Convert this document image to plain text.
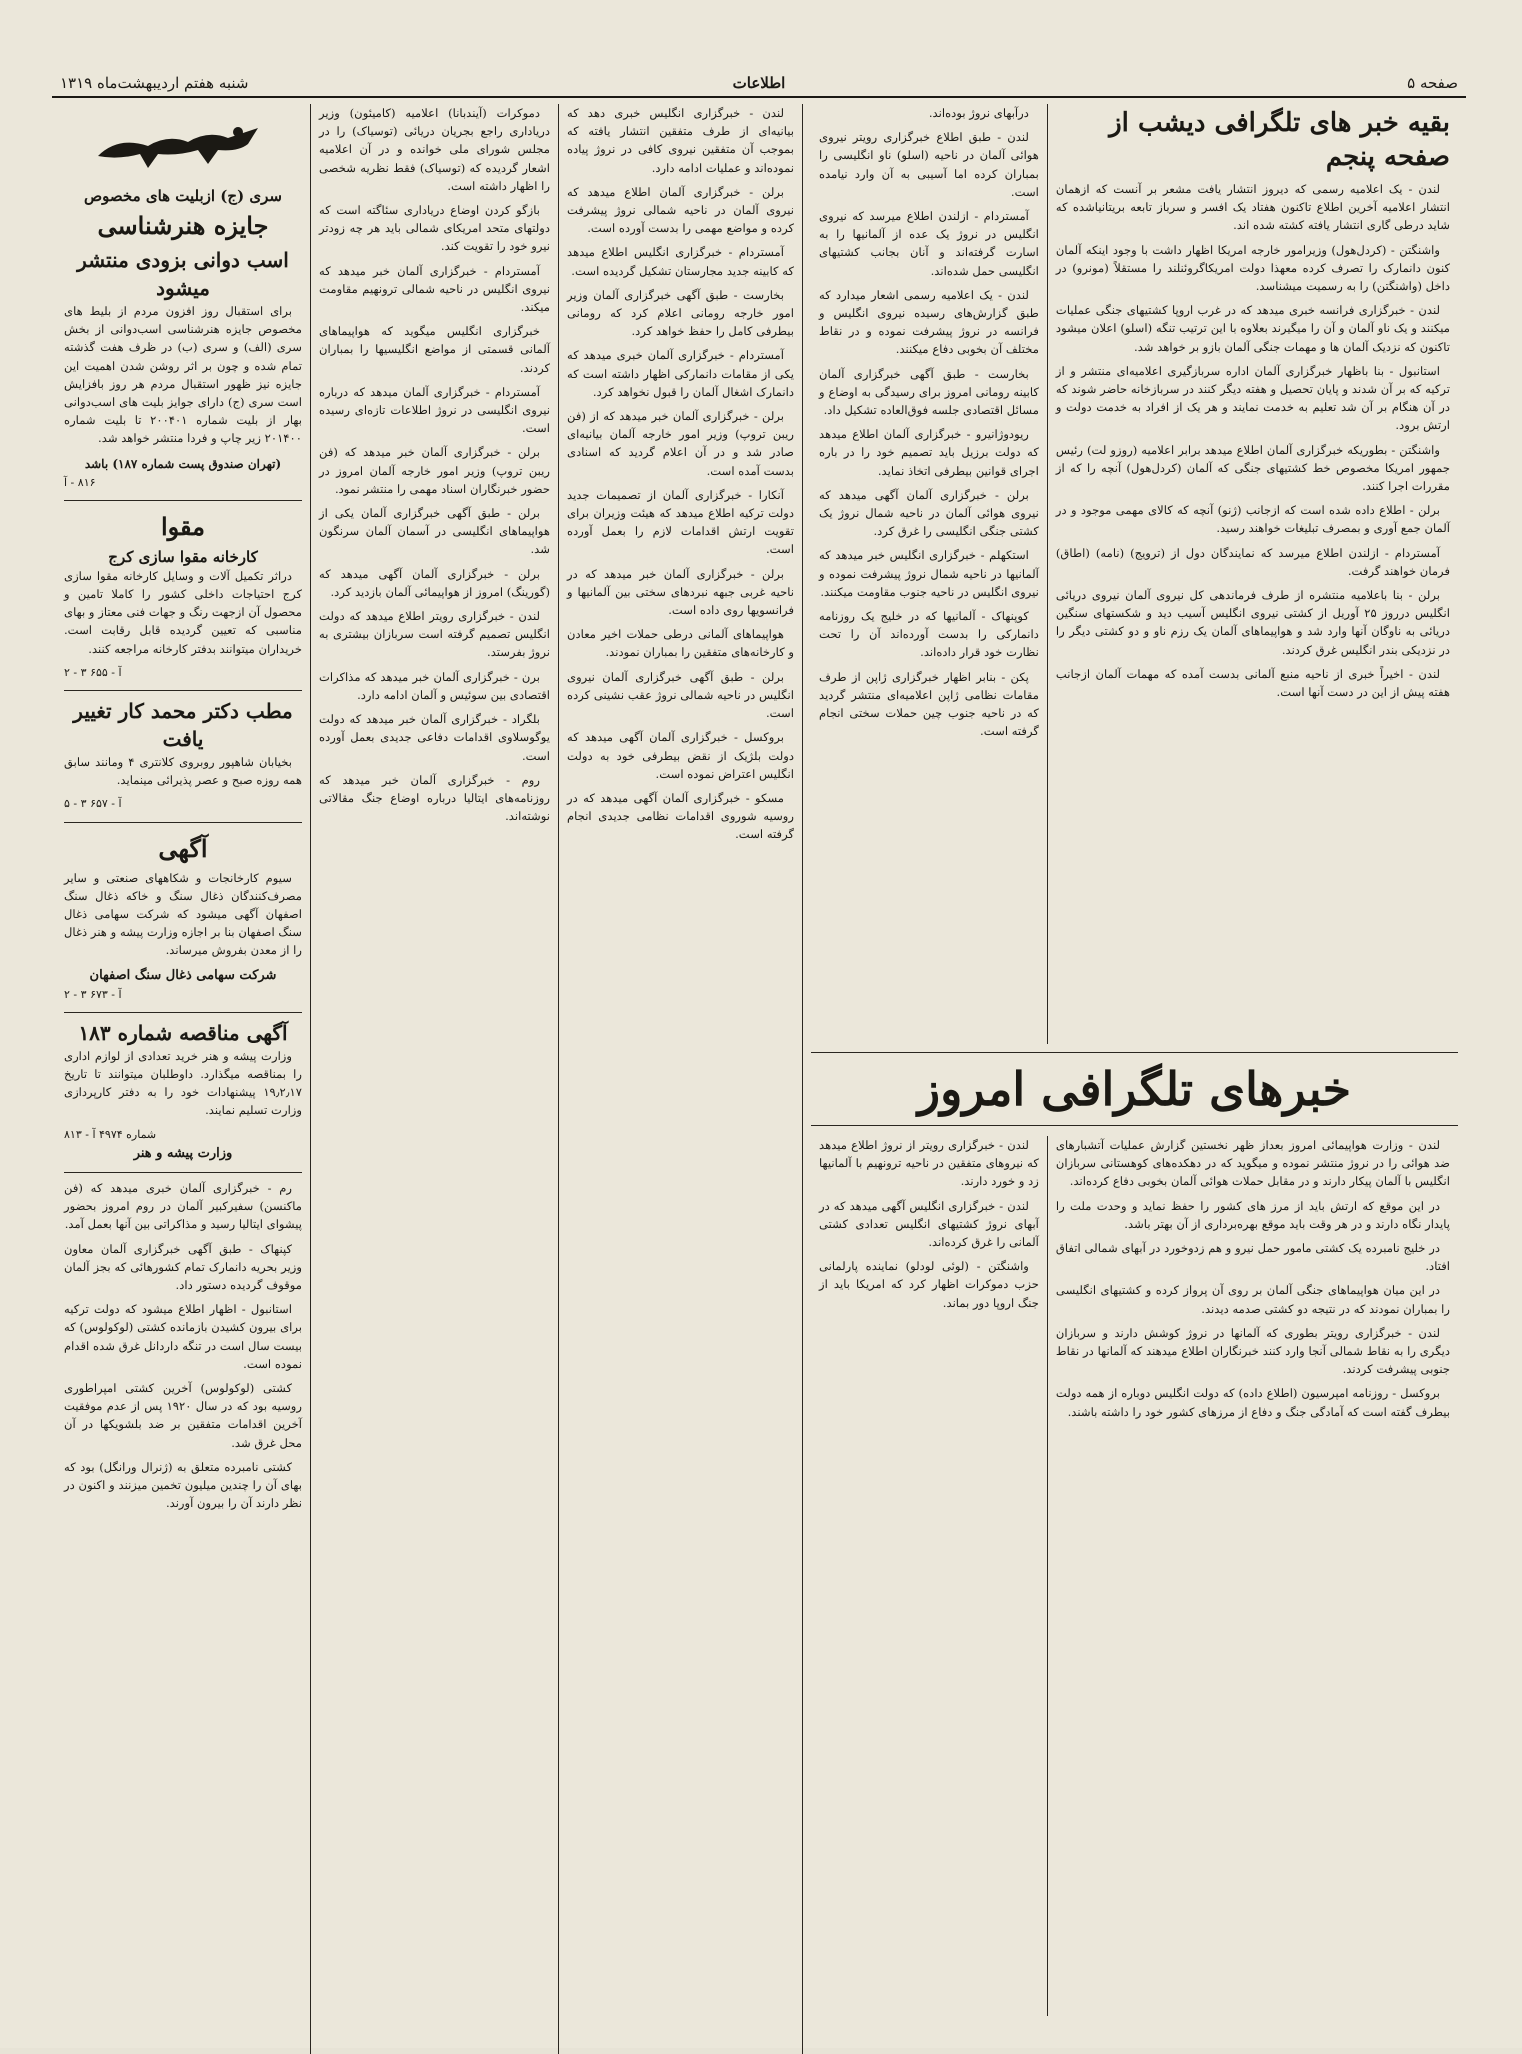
صفحه ۵
اطلاعات
شنبه هفتم اردیبهشت‌ماه ۱۳۱۹
بقیه خبر های تلگرافی دیشب از صفحه پنجم

لندن - یک اعلامیه رسمی که دیروز انتشار یافت مشعر بر آنست که ازهمان انتشار اعلامیه آخرین اطلاع تاکنون هفتاد یک افسر و سرباز تابعه بریتانیاشده که شاید درطی گاری انتشار یافته کشته شده اند.

واشنگتن - (کردل‌هول) وزیرامور خارجه امریکا اظهار داشت با وجود اینکه آلمان کنون دانمارک را تصرف کرده معهذا دولت امریکاگروئنلند را مستقلاً (مونرو) در داخل (واشنگتن) را به رسمیت میشناسد.

لندن - خبرگزاری فرانسه خبری میدهد که در غرب اروپا کشتیهای جنگی عملیات میکنند و یک ناو آلمان و آن را میگیرند بعلاوه با این ترتیب تنگه (اسلو) اعلان میشود تاکنون که نزدیک آلمان ها و مهمات جنگی آلمان بازو بر خواهد شد.

استانبول - بنا باظهار خبرگزاری آلمان اداره سربازگیری اعلامیه‌ای منتشر و از ترکیه که بر آن شدند و پایان تحصیل و هفته دیگر کنند در سربازخانه حاضر شوند که در آن هنگام بر آن شد تعلیم به خدمت نمایند و هر یک از افراد به خدمت دولت و ارتش برود.

واشنگتن - بطوریکه خبرگزاری آلمان اطلاع میدهد برابر اعلامیه (روزو لت) رئیس جمهور امریکا مخصوص خط کشتیهای جنگی که آلمان (کردل‌هول) آنچه را که از مقررات اجرا کنند.

برلن - اطلاع داده شده است که ازجانب (ژنو) آنچه که کالای مهمی موجود و در آلمان جمع آوری و بمصرف تبلیغات خواهند رسید.

آمستردام - ازلندن اطلاع میرسد که نمایندگان دول از (ترویج) (نامه) (اطاق) فرمان خواهند گرفت.

برلن - بنا باعلامیه منتشره از طرف فرماندهی کل نیروی آلمان نیروی دریائی انگلیس درروز ۲۵ آوریل از کشتی نیروی انگلیس آسیب دید و شکستهای سنگین دریائی به ناوگان آنها وارد شد و هواپیماهای آلمان یک رزم ناو و دو کشتی دیگر را در نزدیکی بندر انگلیس غرق کردند.

لندن - اخیراً خبری از ناحیه منبع آلمانی بدست آمده که مهمات آلمان ازجانب هفته پیش از این در دست آنها است.

درآبهای نروژ بوده‌اند.

لندن - طبق اطلاع خبرگزاری رویتر نیروی هوائی آلمان در ناحیه (اسلو) ناو انگلیسی را بمباران کرده اما آسیبی به آن وارد نیامده است.

آمستردام - ازلندن اطلاع میرسد که نیروی انگلیس در نروژ یک عده از آلمانیها را به اسارت گرفته‌اند و آنان بجانب کشتیهای انگلیسی حمل شده‌اند.

لندن - یک اعلامیه رسمی اشعار میدارد که طبق گزارش‌های رسیده نیروی انگلیس و فرانسه در نروژ پیشرفت نموده و در نقاط مختلف آن بخوبی دفاع میکنند.

بخارست - طبق آگهی خبرگزاری آلمان کابینه رومانی امروز برای رسیدگی به اوضاع و مسائل اقتصادی جلسه فوق‌العاده تشکیل داد.

ریودوژانیرو - خبرگزاری آلمان اطلاع میدهد که دولت برزیل باید تصمیم خود را در باره اجرای قوانین بیطرفی اتخاذ نماید.

برلن - خبرگزاری آلمان آگهی میدهد که نیروی هوائی آلمان در ناحیه شمال نروژ یک کشتی جنگی انگلیسی را غرق کرد.

استکهلم - خبرگزاری انگلیس خبر میدهد که آلمانیها در ناحیه شمال نروژ پیشرفت نموده و نیروی انگلیس در ناحیه جنوب مقاومت میکنند.

کوپنهاک - آلمانیها که در خلیج یک روزنامه دانمارکی را بدست آورده‌اند آن را تحت نظارت خود قرار داده‌اند.

پکن - بنابر اظهار خبرگزاری ژاپن از طرف مقامات نظامی ژاپن اعلامیه‌ای منتشر گردید که در ناحیه جنوب چین حملات سختی انجام گرفته است.

خبرهای تلگرافی امروز

لندن - وزارت هواپیمائی امروز بعداز ظهر نخستین گزارش عملیات آتشبارهای ضد هوائی را در نروژ منتشر نموده و میگوید که در دهکده‌های کوهستانی سربازان انگلیس با آلمان پیکار دارند و در مقابل حملات هوائی آلمان بخوبی دفاع کرده‌اند.

در این موقع که ارتش باید از مرز های کشور را حفظ نماید و وحدت ملت را پایدار نگاه دارند و در هر وقت باید موقع بهره‌برداری از آن بهتر باشد.

در خلیج نامبرده یک کشتی مامور حمل نیرو و هم زدوخورد در آبهای شمالی اتفاق افتاد.

در این میان هواپیماهای جنگی آلمان بر روی آن پرواز کرده و کشتیهای انگلیسی را بمباران نمودند که در نتیجه دو کشتی صدمه دیدند.

لندن - خبرگزاری رویتر بطوری که آلمانها در نروژ کوشش دارند و سربازان دیگری را به نقاط شمالی آنجا وارد کنند خبرنگاران اطلاع میدهند که آلمانها در نقاط جنوبی پیشرفت کردند.

بروکسل - روزنامه امپرسیون (اطلاع داده) که دولت انگلیس دوباره از همه دولت بیطرف گفته است که آمادگی جنگ و دفاع از مرزهای کشور خود را داشته باشند.

لندن - خبرگزاری رویتر از نروژ اطلاع میدهد که نیروهای متفقین در ناحیه ترونهیم با آلمانیها زد و خورد دارند.

لندن - خبرگزاری انگلیس آگهی میدهد که در آبهای نروژ کشتیهای انگلیس تعدادی کشتی آلمانی را غرق کرده‌اند.

واشنگتن - (لوئی لودلو) نماینده پارلمانی حزب دموکرات اظهار کرد که امریکا باید از جنگ اروپا دور بماند.

لندن - خبرگزاری انگلیس خبری دهد که بیانیه‌ای از طرف متفقین انتشار یافته که بموجب آن متفقین نیروی کافی در نروژ پیاده نموده‌اند و عملیات ادامه دارد.

برلن - خبرگزاری آلمان اطلاع میدهد که نیروی آلمان در ناحیه شمالی نروژ پیشرفت کرده و مواضع مهمی را بدست آورده است.

آمستردام - خبرگزاری انگلیس اطلاع میدهد که کابینه جدید مجارستان تشکیل گردیده است.

بخارست - طبق آگهی خبرگزاری آلمان وزیر امور خارجه رومانی اعلام کرد که رومانی بیطرفی کامل را حفظ خواهد کرد.

آمستردام - خبرگزاری آلمان خبری میدهد که یکی از مقامات دانمارکی اظهار داشته است که دانمارک اشغال آلمان را قبول نخواهد کرد.

برلن - خبرگزاری آلمان خبر میدهد که از (فن ریبن تروپ) وزیر امور خارجه آلمان بیانیه‌ای صادر شد و در آن اعلام گردید که اسنادی بدست آمده است.

آنکارا - خبرگزاری آلمان از تصمیمات جدید دولت ترکیه اطلاع میدهد که هیئت وزیران برای تقویت ارتش اقدامات لازم را بعمل آورده است.

برلن - خبرگزاری آلمان خبر میدهد که در ناحیه غربی جبهه نبردهای سختی بین آلمانیها و فرانسویها روی داده است.

هواپیماهای آلمانی درطی حملات اخیر معادن و کارخانه‌های متفقین را بمباران نمودند.

برلن - طبق آگهی خبرگزاری آلمان نیروی انگلیس در ناحیه شمالی نروژ عقب نشینی کرده است.

بروکسل - خبرگزاری آلمان آگهی میدهد که دولت بلژیک از نقض بیطرفی خود به دولت انگلیس اعتراض نموده است.

مسکو - خبرگزاری آلمان آگهی میدهد که در روسیه شوروی اقدامات نظامی جدیدی انجام گرفته است.

دموکرات (آیندبانا) اعلامیه (کامیئون) وزیر دریاداری راجع بجریان دریائی (توسیاک) را در مجلس شورای ملی خوانده و در آن اعلامیه اشعار گردیده که (توسیاک) فقط نظریه شخصی را اظهار داشته است.

بازگو کردن اوضاع دریاداری سئاگته است که دولتهای متحد امریکای شمالی باید هر چه زودتر نیرو خود را تقویت کند.

آمستردام - خبرگزاری آلمان خبر میدهد که نیروی انگلیس در ناحیه شمالی ترونهیم مقاومت میکند.

خبرگزاری انگلیس میگوید که هواپیماهای آلمانی قسمتی از مواضع انگلیسیها را بمباران کردند.

آمستردام - خبرگزاری آلمان میدهد که درباره نیروی انگلیسی در نروژ اطلاعات تازه‌ای رسیده است.

برلن - خبرگزاری آلمان خبر میدهد که (فن ریبن تروپ) وزیر امور خارجه آلمان امروز در حضور خبرنگاران اسناد مهمی را منتشر نمود.

برلن - طبق آگهی خبرگزاری آلمان یکی از هواپیماهای انگلیسی در آسمان آلمان سرنگون شد.

برلن - خبرگزاری آلمان آگهی میدهد که (گورینگ) امروز از هواپیمائی آلمان بازدید کرد.

لندن - خبرگزاری رویتر اطلاع میدهد که دولت انگلیس تصمیم گرفته است سربازان بیشتری به نروژ بفرستد.

برن - خبرگزاری آلمان خبر میدهد که مذاکرات اقتصادی بین سوئیس و آلمان ادامه دارد.

بلگراد - خبرگزاری آلمان خبر میدهد که دولت یوگوسلاوی اقدامات دفاعی جدیدی بعمل آورده است.

روم - خبرگزاری آلمان خبر میدهد که روزنامه‌های ایتالیا درباره اوضاع جنگ مقالاتی نوشته‌اند.

سری (ج) ازبلیت های مخصوص
جایزه هنرشناسی
اسب دوانی بزودی منتشر میشود

برای استقبال روز افزون مردم از بلیط های مخصوص جایزه هنرشناسی اسب‌دوانی از بخش سری (الف) و سری (ب) در ظرف هفت گذشته تمام شده و چون بر اثر روشن شدن اهمیت این جایزه نیز ظهور استقبال مردم هر روز بافزایش است سری (ج) دارای جوایز بلیت های اسب‌دوانی بهار از بلیت شماره ۲۰۰۴۰۱ تا بلیت شماره ۲۰۱۴۰۰ زیر چاپ و فردا منتشر خواهد شد.

(تهران صندوق پست شماره ۱۸۷) باشد
۸۱۶ - آ
مقوا
کارخانه مقوا سازی کرج

دراثر تکمیل آلات و وسایل کارخانه مقوا سازی کرج احتیاجات داخلی کشور را کاملا تامین و محصول آن ازجهت رنگ و جهات فنی معتاز و بهای مناسبی که تعیین گردیده قابل رقابت است. خریداران میتوانند بدفتر کارخانه مراجعه کنند.

آ - ۶۵۵ ۳ - ۲
مطب دکتر محمد کار تغییر یافت

بخیابان شاهپور روبروی کلانتری ۴ ومانند سابق همه روزه صبح و عصر پذیرائی مینماید.

آ - ۶۵۷ ۳ - ۵
آگهی

سیوم کارخانجات و شکاههای صنعتی و سایر مصرف‌کنندگان ذغال سنگ و خاکه ذغال سنگ اصفهان آگهی میشود که شرکت سهامی ذغال سنگ اصفهان بنا بر اجازه وزارت پیشه و هنر ذغال را از معدن بفروش میرساند.

شرکت سهامی ذغال سنگ اصفهان
آ - ۶۷۳ ۳ - ۲
آگهی مناقصه شماره ۱۸۳

وزارت پیشه و هنر خرید تعدادی از لوازم اداری را بمناقصه میگذارد. داوطلبان میتوانند تا تاریخ ۱۹٫۲٫۱۷ پیشنهادات خود را به دفتر کارپردازی وزارت تسلیم نمایند.

شماره ۴۹۷۴ آ - ۸۱۳
وزارت پیشه و هنر

رم - خبرگزاری آلمان خبری میدهد که (فن ماکنسن) سفیرکبیر آلمان در روم امروز بحضور پیشوای ایتالیا رسید و مذاکراتی بین آنها بعمل آمد.

کپنهاک - طبق آگهی خبرگزاری آلمان معاون وزیر بحریه دانمارک تمام کشورهائی که بجز آلمان موقوف گردیده دستور داد.

استانبول - اظهار اطلاع میشود که دولت ترکیه برای بیرون کشیدن بازمانده کشتی (لوکولوس) که بیست سال است در تنگه داردانل غرق شده اقدام نموده است.

کشتی (لوکولوس) آخرین کشتی امپراطوری روسیه بود که در سال ۱۹۲۰ پس از عدم موفقیت آخرین اقدامات متفقین بر ضد بلشویکها در آن محل غرق شد.

کشتی نامبرده متعلق به (ژنرال ورانگل) بود که بهای آن را چندین میلیون تخمین میزنند و اکنون در نظر دارند آن را بیرون آورند.
